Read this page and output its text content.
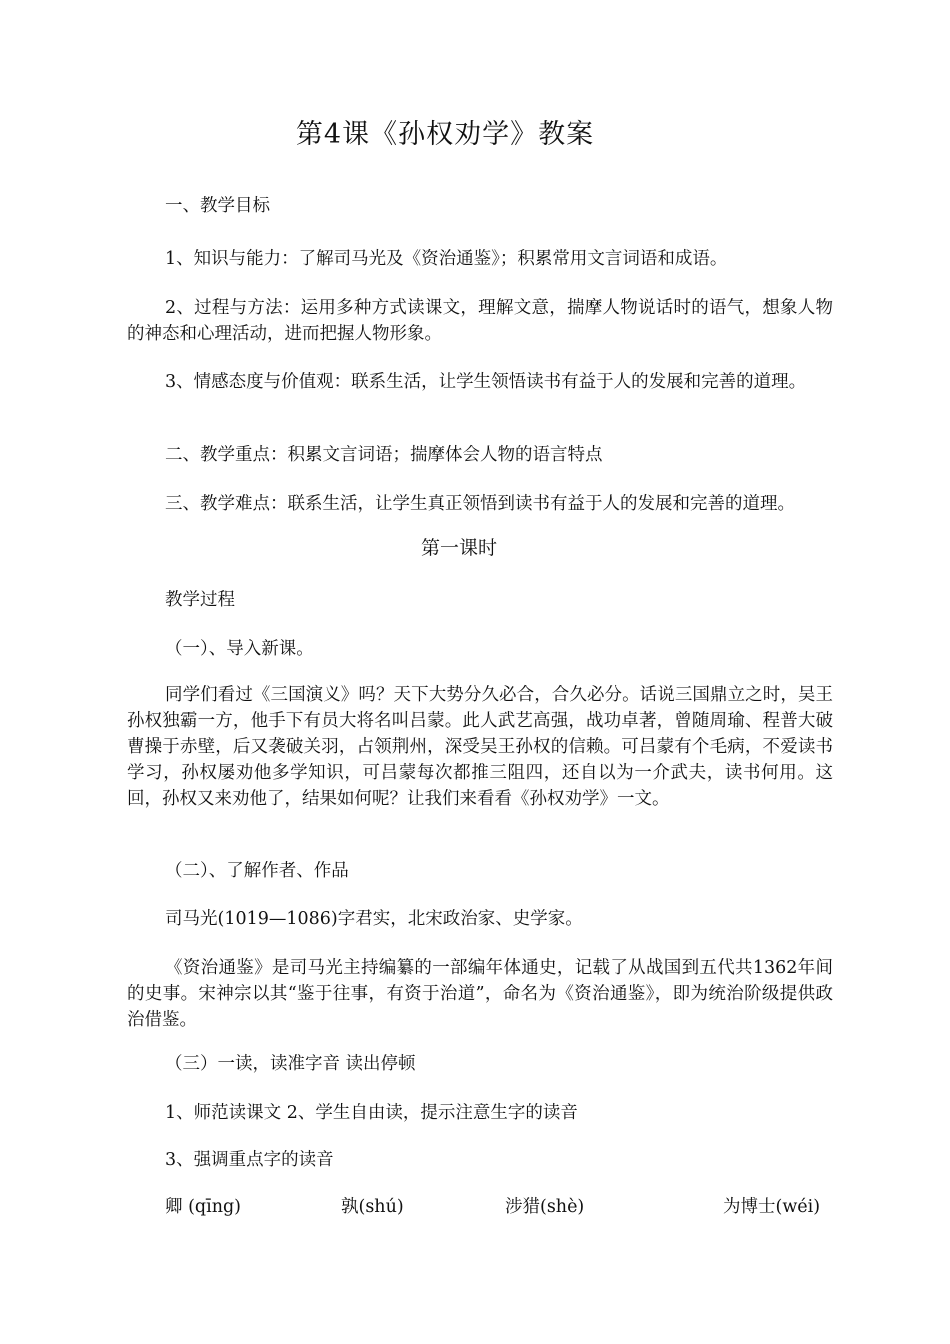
第4课《孙权劝学》教案
一、教学目标
1、知识与能力：了解司马光及《资治通鉴》；积累常用文言词语和成语。
2、过程与方法：运用多种方式读课文，理解文意，揣摩人物说话时的语气，想象人物的神态和心理活动，进而把握人物形象。
3、情感态度与价值观：联系生活，让学生领悟读书有益于人的发展和完善的道理。
二、教学重点：积累文言词语；揣摩体会人物的语言特点
三、教学难点：联系生活，让学生真正领悟到读书有益于人的发展和完善的道理。
第一课时
教学过程
（一）、导入新课。
同学们看过《三国演义》吗？天下大势分久必合，合久必分。话说三国鼎立之时，吴王孙权独霸一方，他手下有员大将名叫吕蒙。此人武艺高强，战功卓著，曾随周瑜、程普大破曹操于赤壁，后又袭破关羽，占领荆州，深受吴王孙权的信赖。可吕蒙有个毛病，不爱读书学习，孙权屡劝他多学知识，可吕蒙每次都推三阻四，还自以为一介武夫，读书何用。这回，孙权又来劝他了，结果如何呢？让我们来看看《孙权劝学》一文。
（二）、了解作者、作品
司马光(1019—1086)字君实，北宋政治家、史学家。
《资治通鉴》是司马光主持编纂的一部编年体通史，记载了从战国到五代共1362年间的史事。宋神宗以其“鉴于往事，有资于治道”，命名为《资治通鉴》，即为统治阶级提供政治借鉴。
（三）一读，读准字音 读出停顿
1、师范读课文 2、学生自由读，提示注意生字的读音
3、强调重点字的读音
卿 (qīng)	孰(shú)	涉猎(shè)	为博士(wéi)
